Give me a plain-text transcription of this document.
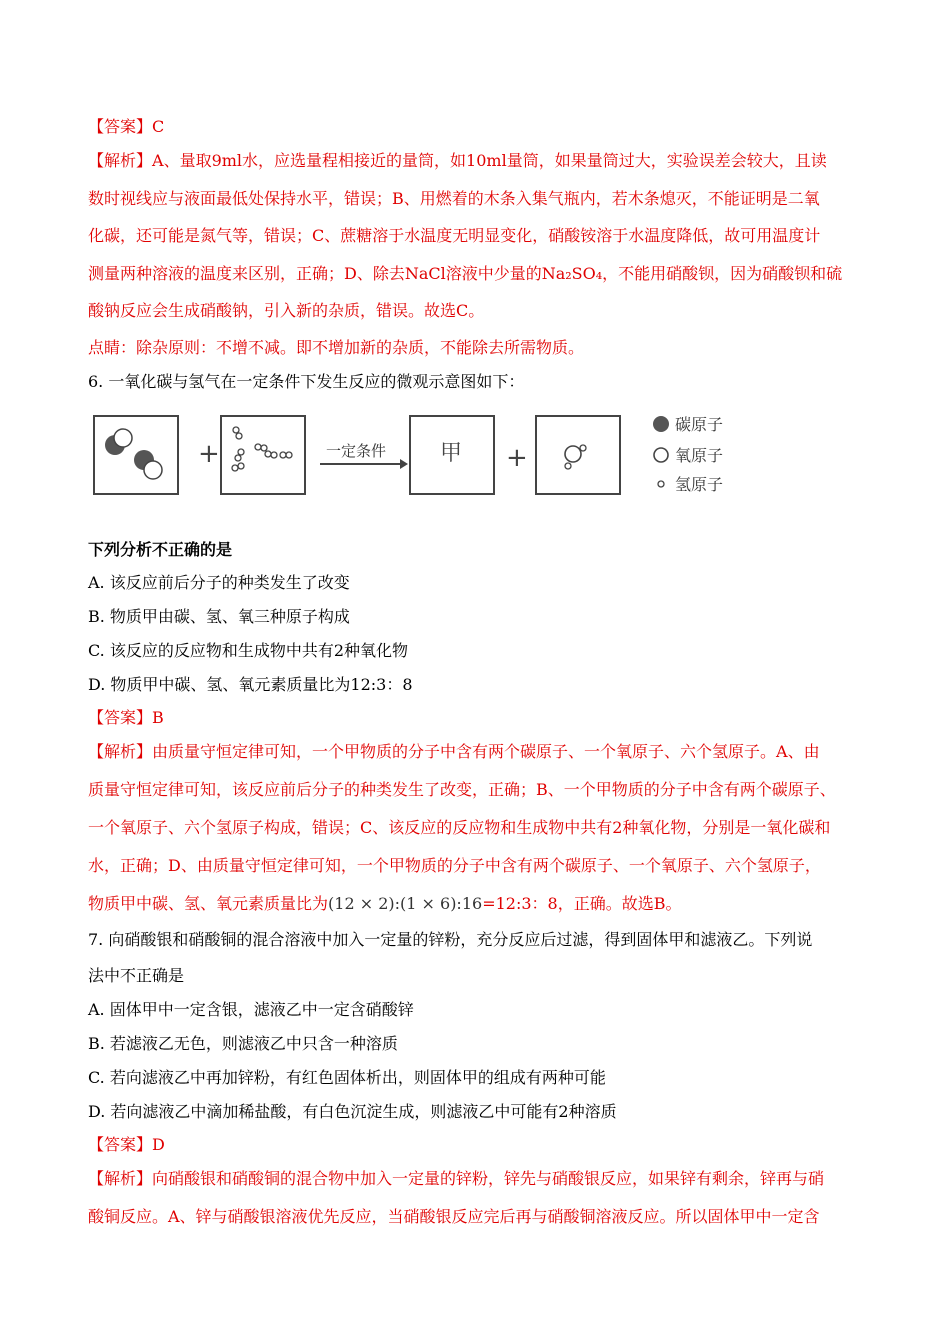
【答案】C
【解析】A、量取9ml水，应选量程相接近的量筒，如10ml量筒，如果量筒过大，实验误差会较大，且读
数时视线应与液面最低处保持水平，错误；B、用燃着的木条入集气瓶内，若木条熄灭，不能证明是二氧
化碳，还可能是氮气等，错误；C、蔗糖溶于水温度无明显变化，硝酸铵溶于水温度降低，故可用温度计
测量两种溶液的温度来区别，正确；D、除去NaCl溶液中少量的Na₂SO₄，不能用硝酸钡，因为硝酸钡和硫
酸钠反应会生成硝酸钠，引入新的杂质，错误。故选C。
点睛：除杂原则：不增不减。即不增加新的杂质，不能除去所需物质。
6. 一氧化碳与氢气在一定条件下发生反应的微观示意图如下：
+	一定条件 甲 +
碳原子
氧原子
氢原子
下列分析不正确的是
A. 该反应前后分子的种类发生了改变
B. 物质甲由碳、氢、氧三种原子构成
C. 该反应的反应物和生成物中共有2种氧化物
D. 物质甲中碳、氢、氧元素质量比为12:3：8
【答案】B
【解析】由质量守恒定律可知，一个甲物质的分子中含有两个碳原子、一个氧原子、六个氢原子。A、由
质量守恒定律可知，该反应前后分子的种类发生了改变，正确；B、一个甲物质的分子中含有两个碳原子、
一个氧原子、六个氢原子构成，错误；C、该反应的反应物和生成物中共有2种氧化物，分别是一氧化碳和
水，正确；D、由质量守恒定律可知，一个甲物质的分子中含有两个碳原子、一个氧原子、六个氢原子，
物质甲中碳、氢、氧元素质量比为(12 × 2):(1 × 6):16=12:3：8，正确。故选B。
7. 向硝酸银和硝酸铜的混合溶液中加入一定量的锌粉，充分反应后过滤，得到固体甲和滤液乙。下列说
法中不正确是
A. 固体甲中一定含银，滤液乙中一定含硝酸锌
B. 若滤液乙无色，则滤液乙中只含一种溶质
C. 若向滤液乙中再加锌粉，有红色固体析出，则固体甲的组成有两种可能
D. 若向滤液乙中滴加稀盐酸，有白色沉淀生成，则滤液乙中可能有2种溶质
【答案】D
【解析】向硝酸银和硝酸铜的混合物中加入一定量的锌粉，锌先与硝酸银反应，如果锌有剩余，锌再与硝
酸铜反应。A、锌与硝酸银溶液优先反应，当硝酸银反应完后再与硝酸铜溶液反应。所以固体甲中一定含
